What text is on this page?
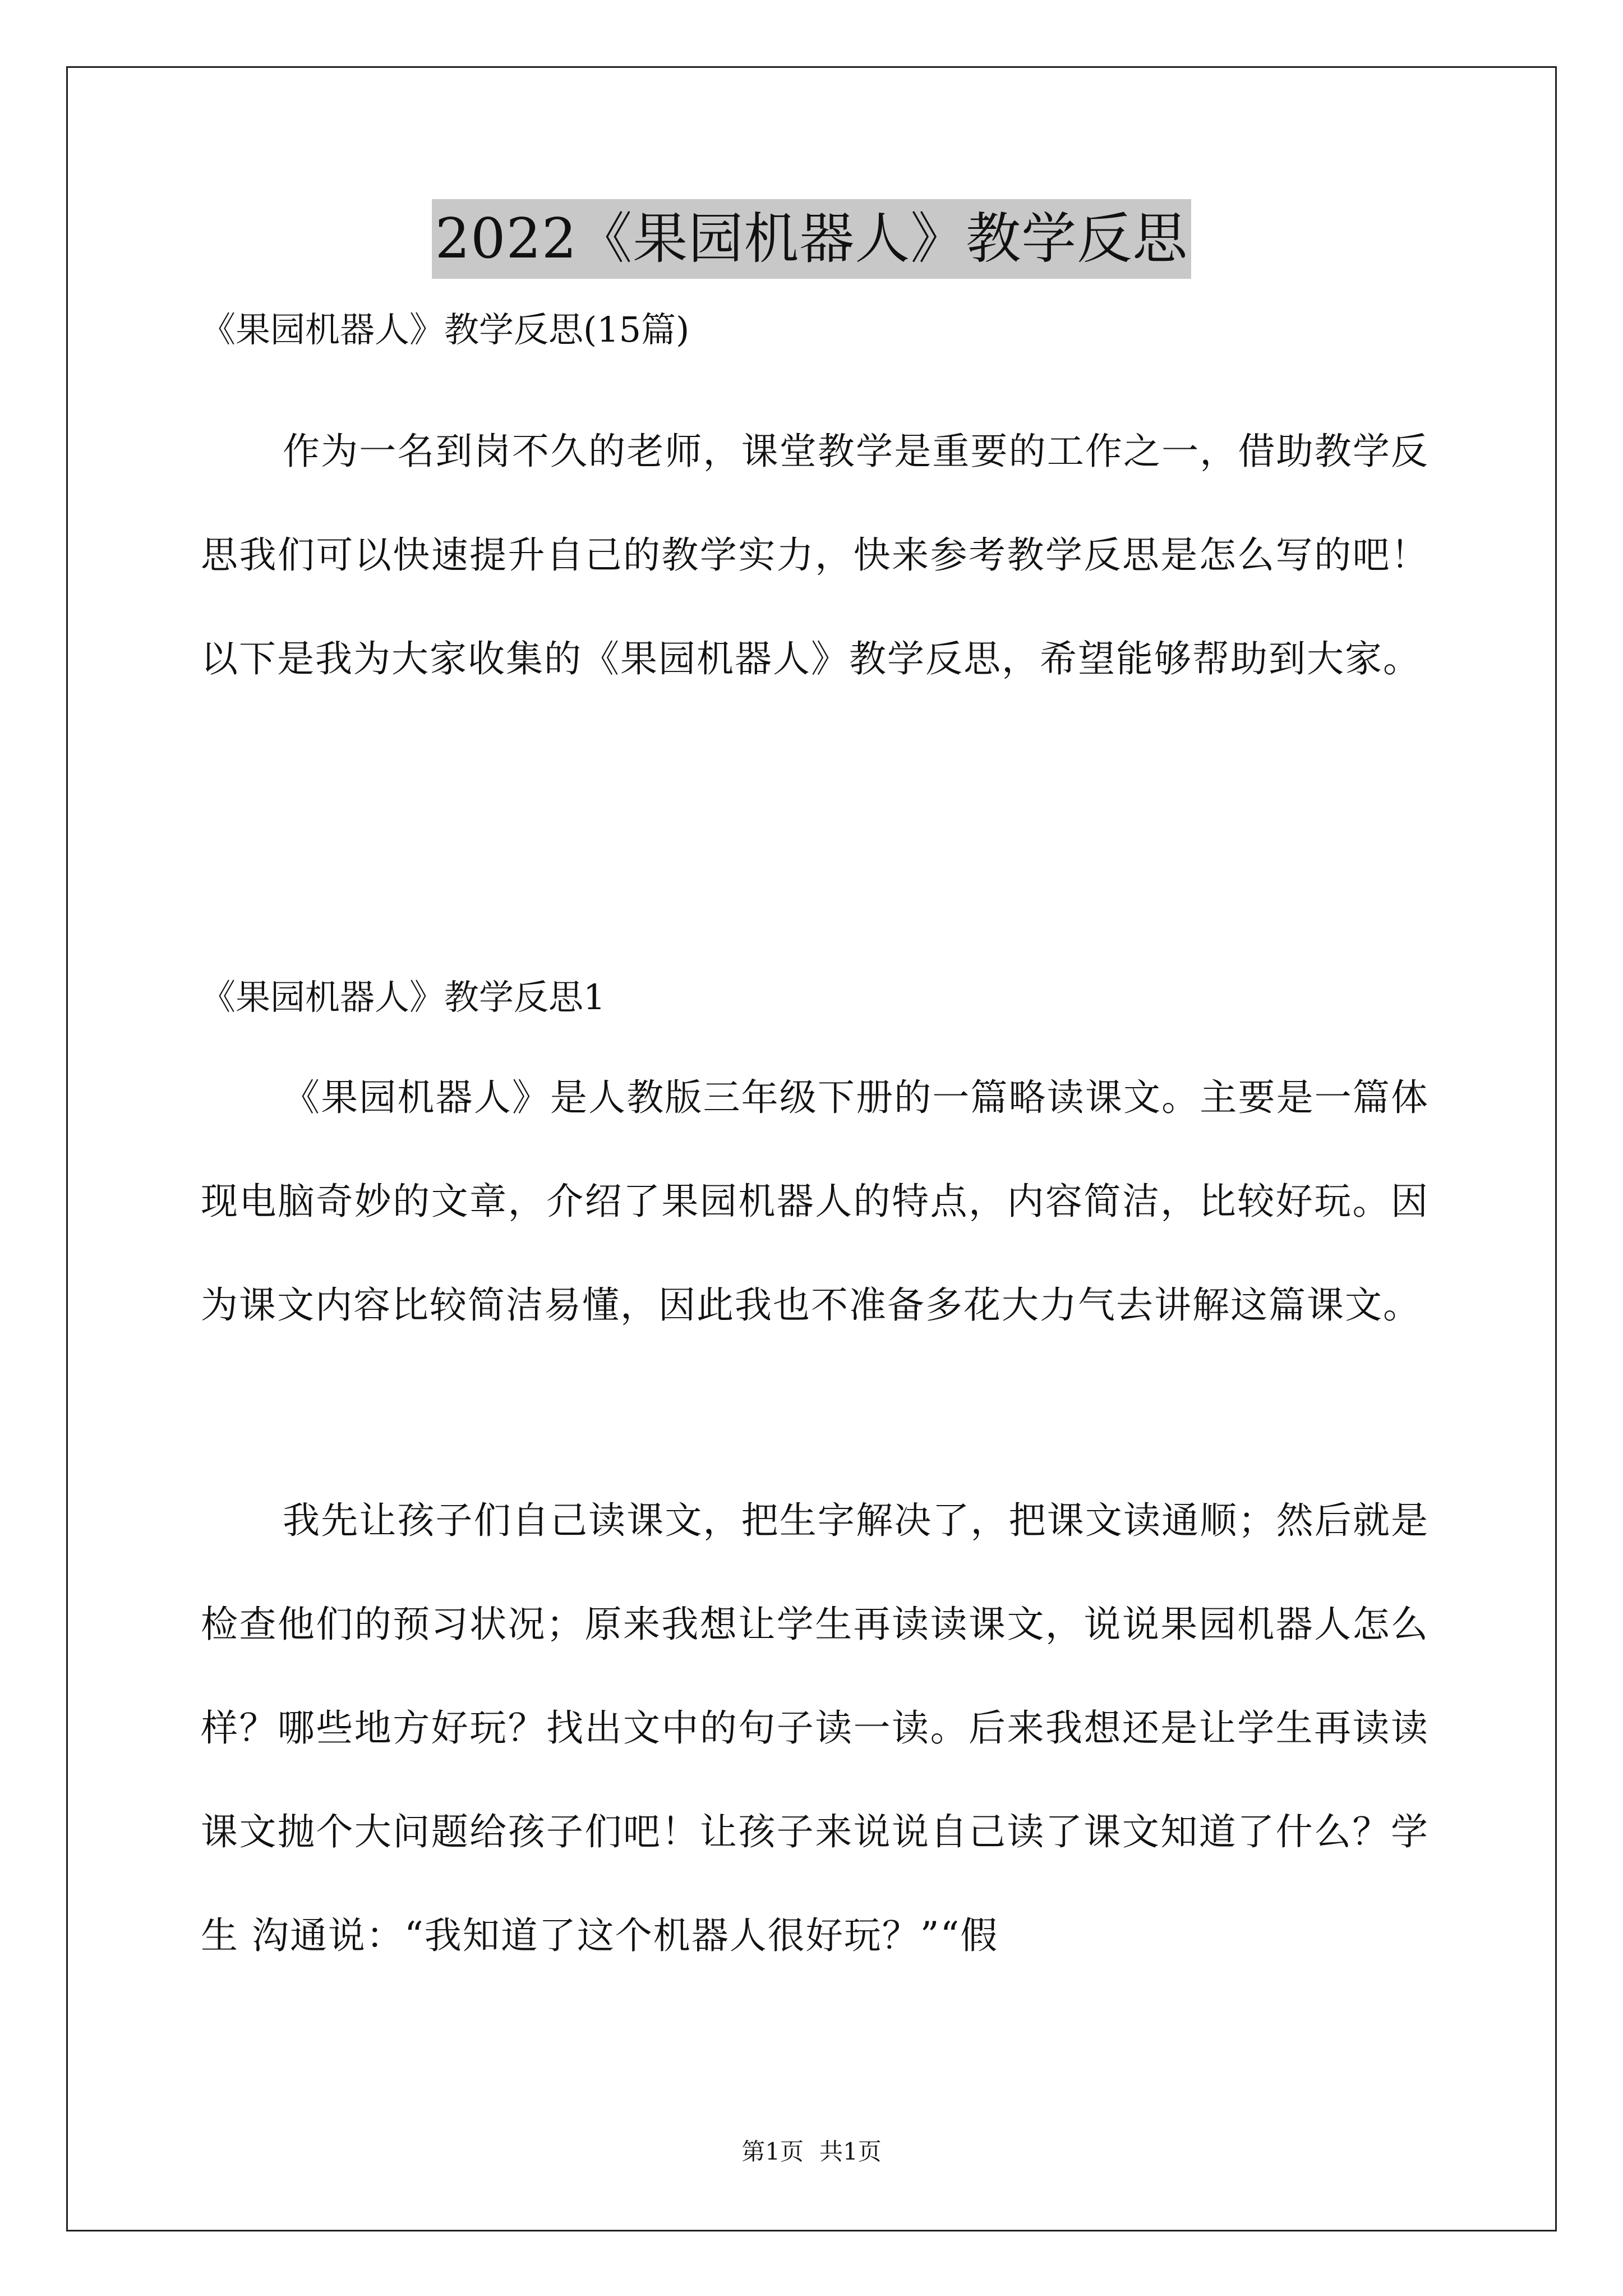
2022《果园机器人》教学反思
《果园机器人》教学反思(15篇)

作为一名到岗不久的老师，课堂教学是重要的工作之一，借助教学反思我们可以快速提升自己的教学实力，快来参考教学反思是怎么写的吧！以下是我为大家收集的《果园机器人》教学反思，希望能够帮助到大家。

《果园机器人》教学反思1

《果园机器人》是人教版三年级下册的一篇略读课文。主要是一篇体现电脑奇妙的文章，介绍了果园机器人的特点，内容简洁，比较好玩。因为课文内容比较简洁易懂，因此我也不准备多花大力气去讲解这篇课文。

我先让孩子们自己读课文，把生字解决了，把课文读通顺；然后就是检查他们的预习状况；原来我想让学生再读读课文，说说果园机器人怎么样？哪些地方好玩？找出文中的句子读一读。后来我想还是让学生再读读课文抛个大问题给孩子们吧！让孩子来说说自己读了课文知道了什么？学生 沟通说：“我知道了这个机器人很好玩？”“假

第1页 共1页
